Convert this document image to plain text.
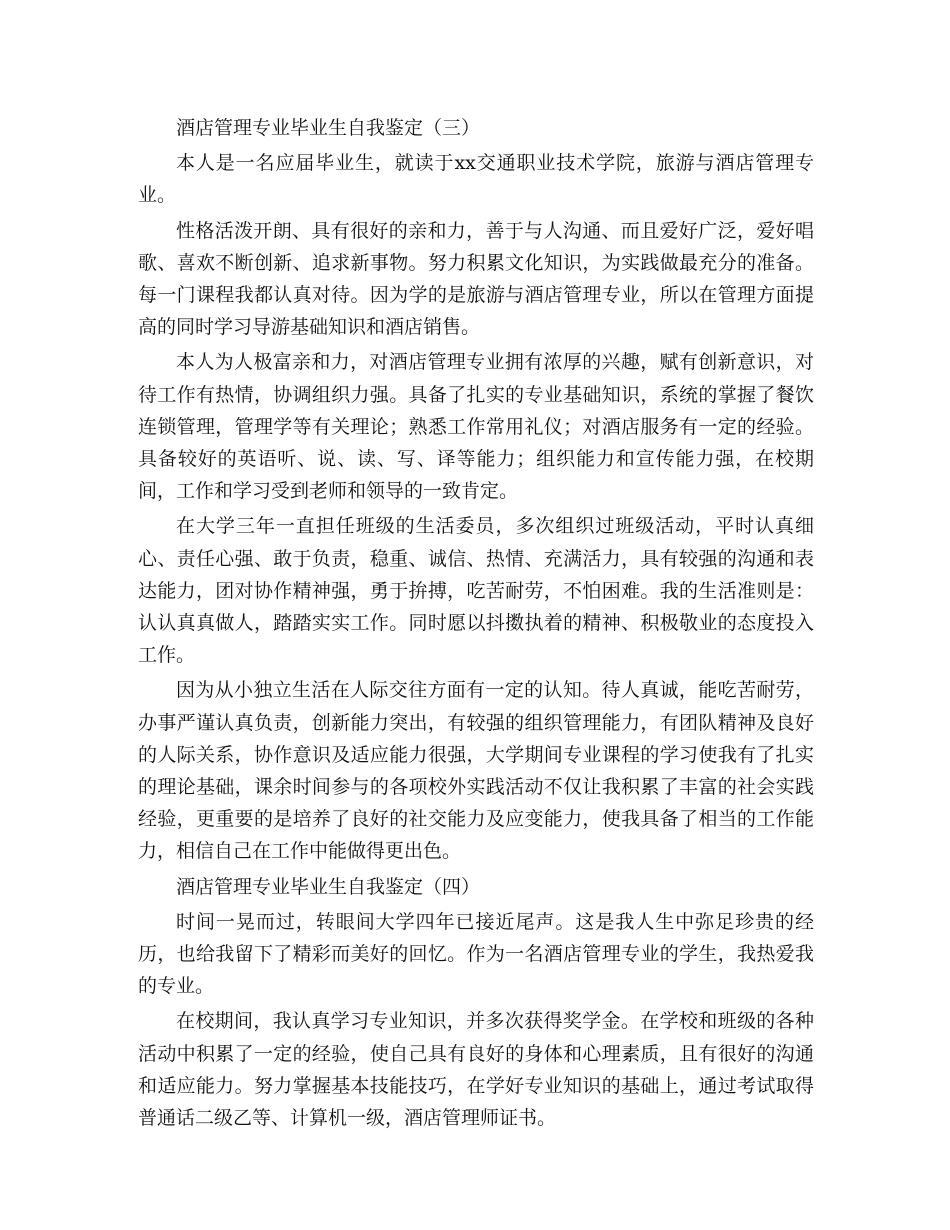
酒店管理专业毕业生自我鉴定（三）

本人是一名应届毕业生，就读于xx交通职业技术学院，旅游与酒店管理专业。

性格活泼开朗、具有很好的亲和力，善于与人沟通、而且爱好广泛，爱好唱歌、喜欢不断创新、追求新事物。努力积累文化知识，为实践做最充分的准备。每一门课程我都认真对待。因为学的是旅游与酒店管理专业，所以在管理方面提高的同时学习导游基础知识和酒店销售。

本人为人极富亲和力，对酒店管理专业拥有浓厚的兴趣，赋有创新意识，对待工作有热情，协调组织力强。具备了扎实的专业基础知识，系统的掌握了餐饮连锁管理，管理学等有关理论；熟悉工作常用礼仪；对酒店服务有一定的经验。具备较好的英语听、说、读、写、译等能力；组织能力和宣传能力强，在校期间，工作和学习受到老师和领导的一致肯定。

在大学三年一直担任班级的生活委员，多次组织过班级活动，平时认真细心、责任心强、敢于负责，稳重、诚信、热情、充满活力，具有较强的沟通和表达能力，团对协作精神强，勇于拚搏，吃苦耐劳，不怕困难。我的生活准则是：认认真真做人，踏踏实实工作。同时愿以抖擞执着的精神、积极敬业的态度投入工作。

因为从小独立生活在人际交往方面有一定的认知。待人真诚，能吃苦耐劳，办事严谨认真负责，创新能力突出，有较强的组织管理能力，有团队精神及良好的人际关系，协作意识及适应能力很强，大学期间专业课程的学习使我有了扎实的理论基础，课余时间参与的各项校外实践活动不仅让我积累了丰富的社会实践经验，更重要的是培养了良好的社交能力及应变能力，使我具备了相当的工作能力，相信自己在工作中能做得更出色。

酒店管理专业毕业生自我鉴定（四）

时间一晃而过，转眼间大学四年已接近尾声。这是我人生中弥足珍贵的经历，也给我留下了精彩而美好的回忆。作为一名酒店管理专业的学生，我热爱我的专业。

在校期间，我认真学习专业知识，并多次获得奖学金。在学校和班级的各种活动中积累了一定的经验，使自己具有良好的身体和心理素质，且有很好的沟通和适应能力。努力掌握基本技能技巧，在学好专业知识的基础上，通过考试取得普通话二级乙等、计算机一级，酒店管理师证书。
